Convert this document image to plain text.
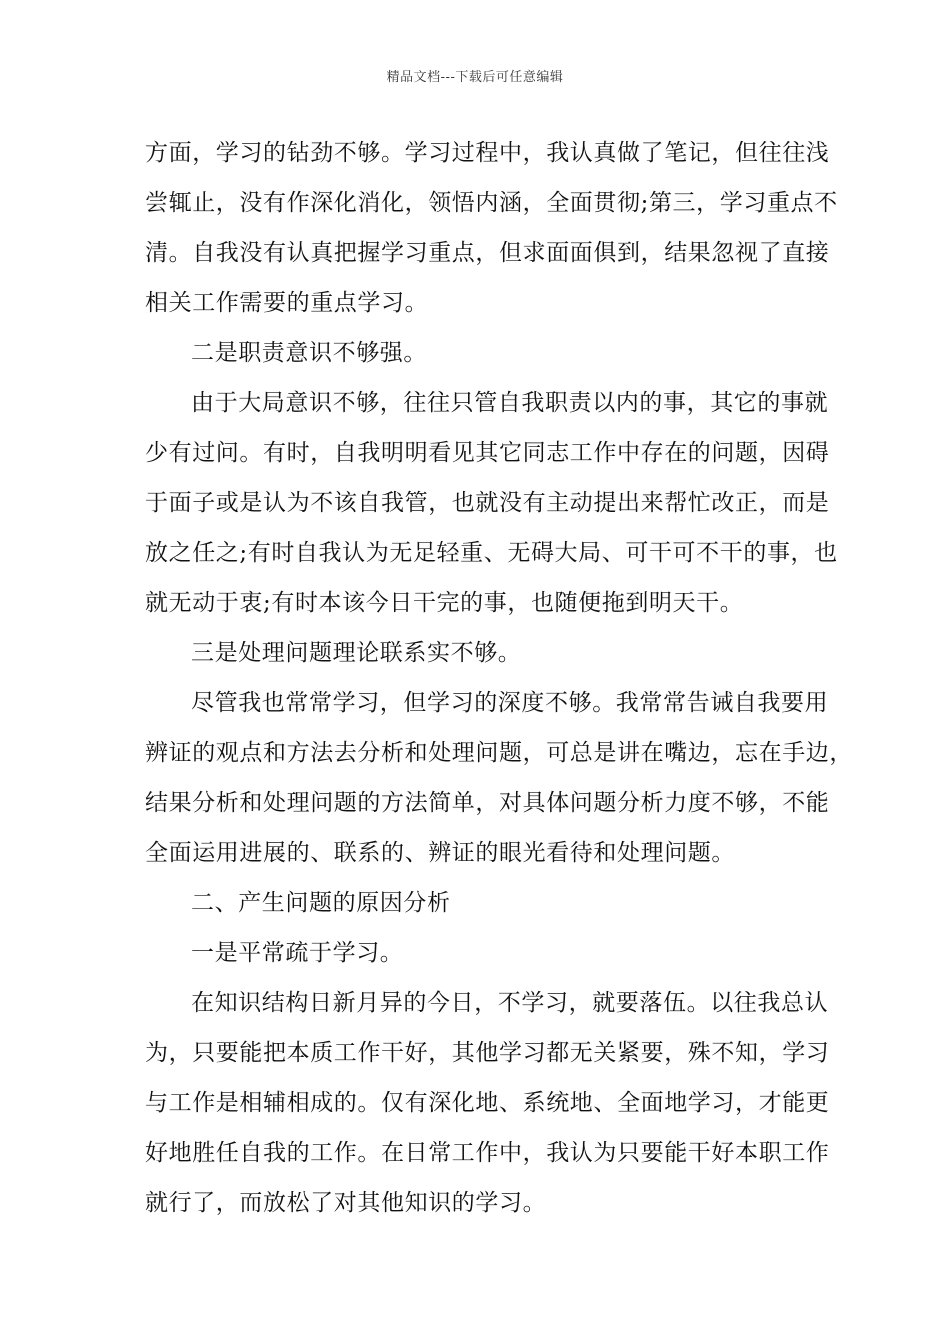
精品文档---下载后可任意编辑
方面，学习的钻劲不够。学习过程中，我认真做了笔记，但往往浅
尝辄止，没有作深化消化，领悟内涵，全面贯彻;第三，学习重点不
清。自我没有认真把握学习重点，但求面面俱到，结果忽视了直接
相关工作需要的重点学习。
二是职责意识不够强。
由于大局意识不够，往往只管自我职责以内的事，其它的事就
少有过问。有时，自我明明看见其它同志工作中存在的问题，因碍
于面子或是认为不该自我管，也就没有主动提出来帮忙改正，而是
放之任之;有时自我认为无足轻重、无碍大局、可干可不干的事，也
就无动于衷;有时本该今日干完的事，也随便拖到明天干。
三是处理问题理论联系实不够。
尽管我也常常学习，但学习的深度不够。我常常告诫自我要用
辨证的观点和方法去分析和处理问题，可总是讲在嘴边，忘在手边，
结果分析和处理问题的方法简单，对具体问题分析力度不够，不能
全面运用进展的、联系的、辨证的眼光看待和处理问题。
二、产生问题的原因分析
一是平常疏于学习。
在知识结构日新月异的今日，不学习，就要落伍。以往我总认
为，只要能把本质工作干好，其他学习都无关紧要，殊不知，学习
与工作是相辅相成的。仅有深化地、系统地、全面地学习，才能更
好地胜任自我的工作。在日常工作中，我认为只要能干好本职工作
就行了，而放松了对其他知识的学习。
